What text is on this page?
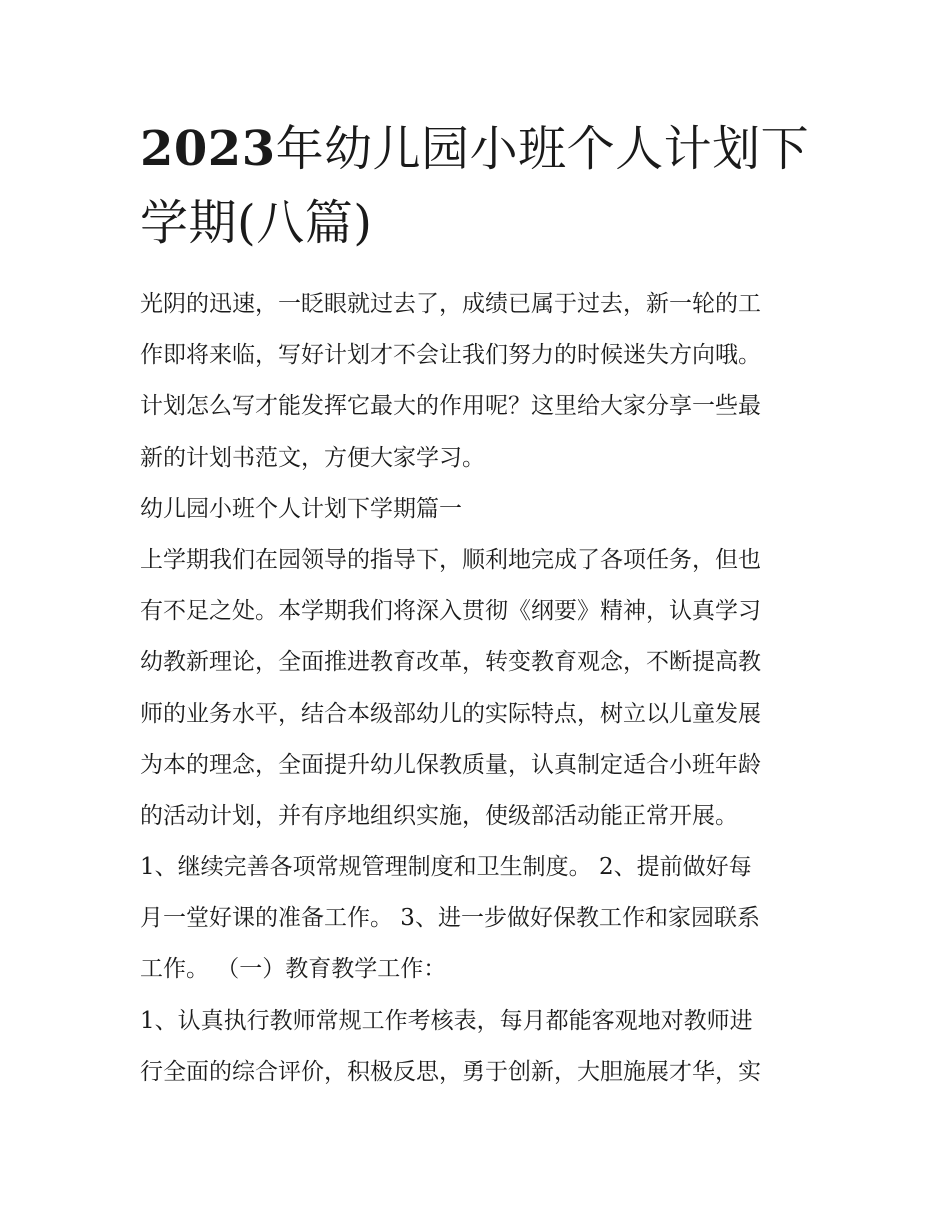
2023年幼儿园小班个人计划下
学期(八篇)
光阴的迅速，一眨眼就过去了，成绩已属于过去，新一轮的工
作即将来临，写好计划才不会让我们努力的时候迷失方向哦。
计划怎么写才能发挥它最大的作用呢？这里给大家分享一些最
新的计划书范文，方便大家学习。
幼儿园小班个人计划下学期篇一
上学期我们在园领导的指导下，顺利地完成了各项任务，但也
有不足之处。本学期我们将深入贯彻《纲要》精神，认真学习
幼教新理论，全面推进教育改革，转变教育观念，不断提高教
师的业务水平，结合本级部幼儿的实际特点，树立以儿童发展
为本的理念，全面提升幼儿保教质量，认真制定适合小班年龄
的活动计划，并有序地组织实施，使级部活动能正常开展。
1、继续完善各项常规管理制度和卫生制度。 2、提前做好每
月一堂好课的准备工作。 3、进一步做好保教工作和家园联系
工作。 （一）教育教学工作：
1、认真执行教师常规工作考核表，每月都能客观地对教师进
行全面的综合评价，积极反思，勇于创新，大胆施展才华，实
